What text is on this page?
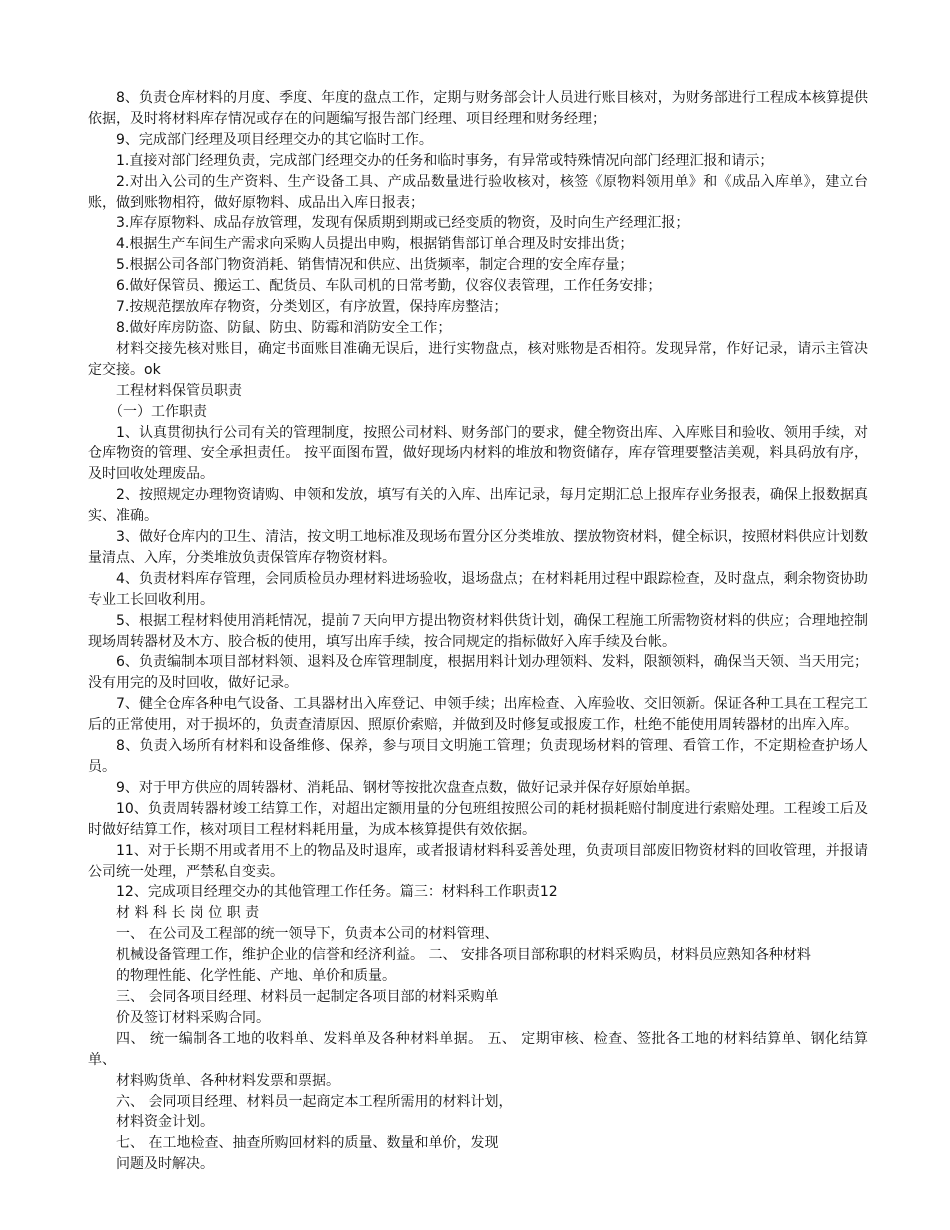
8、负责仓库材料的月度、季度、年度的盘点工作，定期与财务部会计人员进行账目核对，为财务部进行工程成本核算提供依据，及时将材料库存情况或存在的问题编写报告部门经理、项目经理和财务经理；

9、完成部门经理及项目经理交办的其它临时工作。

1.直接对部门经理负责，完成部门经理交办的任务和临时事务，有异常或特殊情况向部门经理汇报和请示；

2.对出入公司的生产资料、生产设备工具、产成品数量进行验收核对，核签《原物料领用单》和《成品入库单》，建立台账，做到账物相符，做好原物料、成品出入库日报表；

3.库存原物料、成品存放管理，发现有保质期到期或已经变质的物资，及时向生产经理汇报；

4.根据生产车间生产需求向采购人员提出申购，根据销售部订单合理及时安排出货；

5.根据公司各部门物资消耗、销售情况和供应、出货频率，制定合理的安全库存量；

6.做好保管员、搬运工、配货员、车队司机的日常考勤，仪容仪表管理，工作任务安排；

7.按规范摆放库存物资，分类划区，有序放置，保持库房整洁；

8.做好库房防盗、防鼠、防虫、防霉和消防安全工作；

材料交接先核对账目，确定书面账目准确无误后，进行实物盘点，核对账物是否相符。发现异常，作好记录，请示主管决定交接。ok

工程材料保管员职责

（一）工作职责

1、认真贯彻执行公司有关的管理制度，按照公司材料、财务部门的要求，健全物资出库、入库账目和验收、领用手续，对仓库物资的管理、安全承担责任。 按平面图布置，做好现场内材料的堆放和物资储存，库存管理要整洁美观，料具码放有序，及时回收处理废品。

2、按照规定办理物资请购、申领和发放，填写有关的入库、出库记录，每月定期汇总上报库存业务报表，确保上报数据真实、准确。

3、做好仓库内的卫生、清洁，按文明工地标准及现场布置分区分类堆放、摆放物资材料，健全标识，按照材料供应计划数量清点、入库，分类堆放负责保管库存物资材料。

4、负责材料库存管理，会同质检员办理材料进场验收，退场盘点；在材料耗用过程中跟踪检查，及时盘点，剩余物资协助专业工长回收利用。

5、根据工程材料使用消耗情况，提前７天向甲方提出物资材料供货计划，确保工程施工所需物资材料的供应；合理地控制现场周转器材及木方、胶合板的使用，填写出库手续，按合同规定的指标做好入库手续及台帐。

6、负责编制本项目部材料领、退料及仓库管理制度，根据用料计划办理领料、发料，限额领料，确保当天领、当天用完；没有用完的及时回收，做好记录。

7、健全仓库各种电气设备、工具器材出入库登记、申领手续；出库检查、入库验收、交旧领新。保证各种工具在工程完工后的正常使用，对于损坏的，负责查清原因、照原价索赔，并做到及时修复或报废工作，杜绝不能使用周转器材的出库入库。

8、负责入场所有材料和设备维修、保养，参与项目文明施工管理；负责现场材料的管理、看管工作，不定期检查护场人员。

9、对于甲方供应的周转器材、消耗品、钢材等按批次盘查点数，做好记录并保存好原始单据。

10、负责周转器材竣工结算工作，对超出定额用量的分包班组按照公司的耗材损耗赔付制度进行索赔处理。工程竣工后及时做好结算工作，核对项目工程材料耗用量，为成本核算提供有效依据。

11、对于长期不用或者用不上的物品及时退库，或者报请材料科妥善处理，负责项目部废旧物资材料的回收管理，并报请公司统一处理，严禁私自变卖。

12、完成项目经理交办的其他管理工作任务。篇三：材料科工作职责12

材 料 科 长 岗 位 职 责

一、 在公司及工程部的统一领导下，负责本公司的材料管理、

机械设备管理工作，维护企业的信誉和经济利益。 二、 安排各项目部称职的材料采购员，材料员应熟知各种材料

的物理性能、化学性能、产地、单价和质量。

三、 会同各项目经理、材料员一起制定各项目部的材料采购单

价及签订材料采购合同。

四、 统一编制各工地的收料单、发料单及各种材料单据。 五、 定期审核、检查、签批各工地的材料结算单、钢化结算单、

材料购货单、各种材料发票和票据。

六、 会同项目经理、材料员一起商定本工程所需用的材料计划，

材料资金计划。

七、 在工地检查、抽查所购回材料的质量、数量和单价，发现

问题及时解决。
